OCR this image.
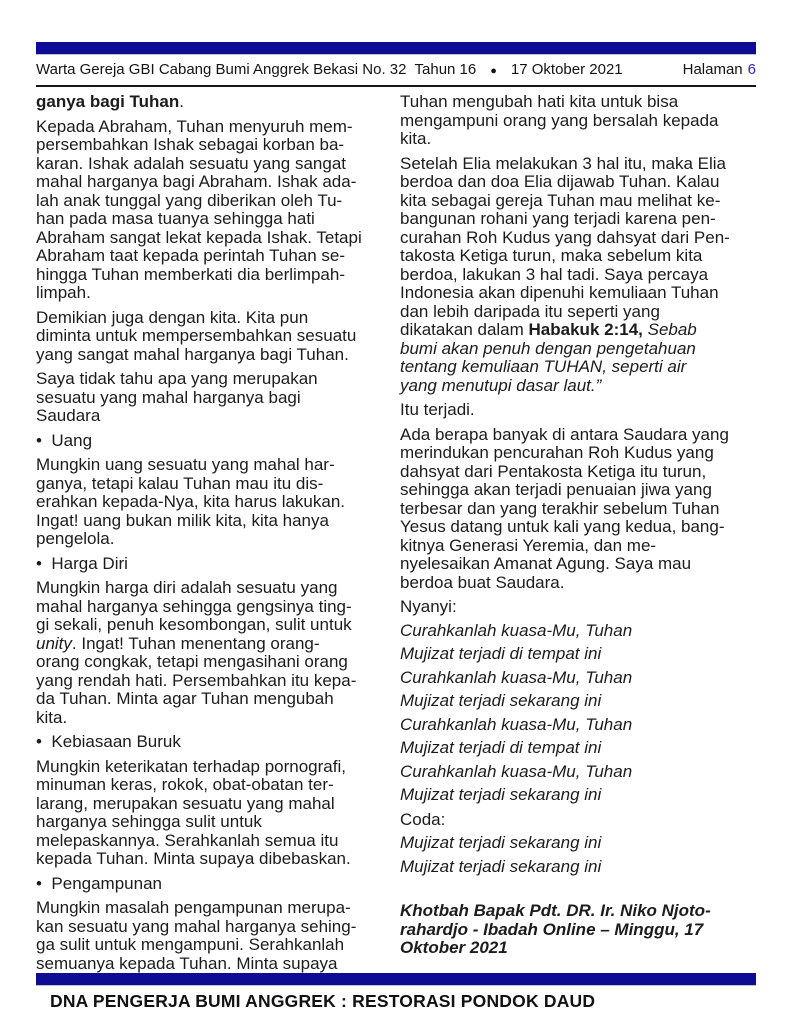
Warta Gereja GBI Cabang Bumi Anggrek Bekasi No. 32  Tahun 16 ● 17 Oktober 2021	Halaman 6
ganya bagi Tuhan.
Kepada Abraham, Tuhan menyuruh mem-
persembahkan Ishak sebagai korban ba-
karan. Ishak adalah sesuatu yang sangat
mahal harganya bagi Abraham. Ishak ada-
lah anak tunggal yang diberikan oleh Tu-
han pada masa tuanya sehingga hati
Abraham sangat lekat kepada Ishak. Tetapi
Abraham taat kepada perintah Tuhan se-
hingga Tuhan memberkati dia berlimpah-
limpah.
Demikian juga dengan kita. Kita pun
diminta untuk mempersembahkan sesuatu
yang sangat mahal harganya bagi Tuhan.
Saya tidak tahu apa yang merupakan
sesuatu yang mahal harganya bagi
Saudara
•  Uang
Mungkin uang sesuatu yang mahal har-
ganya, tetapi kalau Tuhan mau itu dis-
erahkan kepada-Nya, kita harus lakukan.
Ingat! uang bukan milik kita, kita hanya
pengelola.
•  Harga Diri
Mungkin harga diri adalah sesuatu yang
mahal harganya sehingga gengsinya ting-
gi sekali, penuh kesombongan, sulit untuk
unity. Ingat! Tuhan menentang orang-
orang congkak, tetapi mengasihani orang
yang rendah hati. Persembahkan itu kepa-
da Tuhan. Minta agar Tuhan mengubah
kita.
•  Kebiasaan Buruk
Mungkin keterikatan terhadap pornografi,
minuman keras, rokok, obat-obatan ter-
larang, merupakan sesuatu yang mahal
harganya sehingga sulit untuk
melepaskannya. Serahkanlah semua itu
kepada Tuhan. Minta supaya dibebaskan.
•  Pengampunan
Mungkin masalah pengampunan merupa-
kan sesuatu yang mahal harganya sehing-
ga sulit untuk mengampuni. Serahkanlah
semuanya kepada Tuhan. Minta supaya
Tuhan mengubah hati kita untuk bisa
mengampuni orang yang bersalah kepada
kita.
Setelah Elia melakukan 3 hal itu, maka Elia
berdoa dan doa Elia dijawab Tuhan. Kalau
kita sebagai gereja Tuhan mau melihat ke-
bangunan rohani yang terjadi karena pen-
curahan Roh Kudus yang dahsyat dari Pen-
takosta Ketiga turun, maka sebelum kita
berdoa, lakukan 3 hal tadi. Saya percaya
Indonesia akan dipenuhi kemuliaan Tuhan
dan lebih daripada itu seperti yang
dikatakan dalam Habakuk 2:14, Sebab
bumi akan penuh dengan pengetahuan
tentang kemuliaan TUHAN, seperti air
yang menutupi dasar laut.”
Itu terjadi.
Ada berapa banyak di antara Saudara yang
merindukan pencurahan Roh Kudus yang
dahsyat dari Pentakosta Ketiga itu turun,
sehingga akan terjadi penuaian jiwa yang
terbesar dan yang terakhir sebelum Tuhan
Yesus datang untuk kali yang kedua, bang-
kitnya Generasi Yeremia, dan me-
nyelesaikan Amanat Agung. Saya mau
berdoa buat Saudara.
Nyanyi:
Curahkanlah kuasa-Mu, Tuhan
Mujizat terjadi di tempat ini
Curahkanlah kuasa-Mu, Tuhan
Mujizat terjadi sekarang ini
Curahkanlah kuasa-Mu, Tuhan
Mujizat terjadi di tempat ini
Curahkanlah kuasa-Mu, Tuhan
Mujizat terjadi sekarang ini
Coda:
Mujizat terjadi sekarang ini
Mujizat terjadi sekarang ini
Khotbah Bapak Pdt. DR. Ir. Niko Njoto-
rahardjo - Ibadah Online – Minggu, 17
Oktober 2021
DNA PENGERJA BUMI ANGGREK : RESTORASI PONDOK DAUD
